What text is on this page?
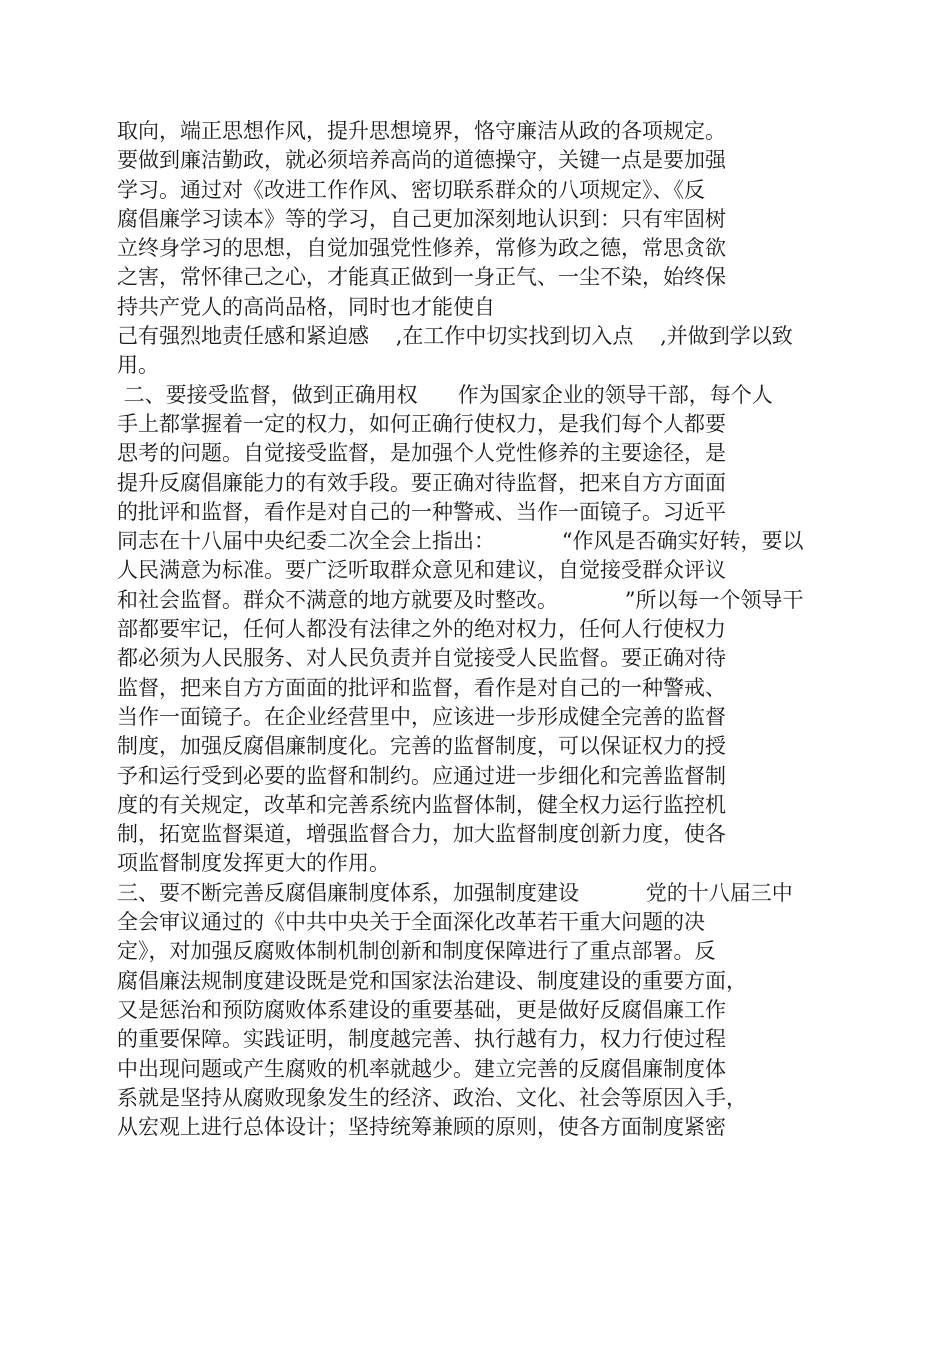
取向，端正思想作风，提升思想境界，恪守廉洁从政的各项规定。
要做到廉洁勤政，就必须培养高尚的道德操守，关键一点是要加强
学习。通过对《改进工作作风、密切联系群众的八项规定》、《反
腐倡廉学习读本》等的学习，自己更加深刻地认识到：只有牢固树
立终身学习的思想，自觉加强党性修养，常修为政之德，常思贪欲
之害，常怀律己之心，才能真正做到一身正气、一尘不染，始终保
持共产党人的高尚品格，同时也才能使自
己有强烈地责任感和紧迫感    ,在工作中切实找到切入点    ,并做到学以致
用。
二、要接受监督，做到正确用权      作为国家企业的领导干部，每个人
手上都掌握着一定的权力，如何正确行使权力，是我们每个人都要
思考的问题。自觉接受监督，是加强个人党性修养的主要途径，是
提升反腐倡廉能力的有效手段。要正确对待监督，把来自方方面面
的批评和监督，看作是对自己的一种警戒、当作一面镜子。习近平
同志在十八届中央纪委二次全会上指出：          “作风是否确实好转，要以
人民满意为标准。要广泛听取群众意见和建议，自觉接受群众评议
和社会监督。群众不满意的地方就要及时整改。          ”所以每一个领导干
部都要牢记，任何人都没有法律之外的绝对权力，任何人行使权力
都必须为人民服务、对人民负责并自觉接受人民监督。要正确对待
监督，把来自方方面面的批评和监督，看作是对自己的一种警戒、
当作一面镜子。在企业经营里中，应该进一步形成健全完善的监督
制度，加强反腐倡廉制度化。完善的监督制度，可以保证权力的授
予和运行受到必要的监督和制约。应通过进一步细化和完善监督制
度的有关规定，改革和完善系统内监督体制，健全权力运行监控机
制，拓宽监督渠道，增强监督合力，加大监督制度创新力度，使各
项监督制度发挥更大的作用。
三、要不断完善反腐倡廉制度体系，加强制度建设          党的十八届三中
全会审议通过的《中共中央关于全面深化改革若干重大问题的决
定》，对加强反腐败体制机制创新和制度保障进行了重点部署。反
腐倡廉法规制度建设既是党和国家法治建设、制度建设的重要方面，
又是惩治和预防腐败体系建设的重要基础，更是做好反腐倡廉工作
的重要保障。实践证明，制度越完善、执行越有力，权力行使过程
中出现问题或产生腐败的机率就越少。建立完善的反腐倡廉制度体
系就是坚持从腐败现象发生的经济、政治、文化、社会等原因入手，
从宏观上进行总体设计；坚持统筹兼顾的原则，使各方面制度紧密
